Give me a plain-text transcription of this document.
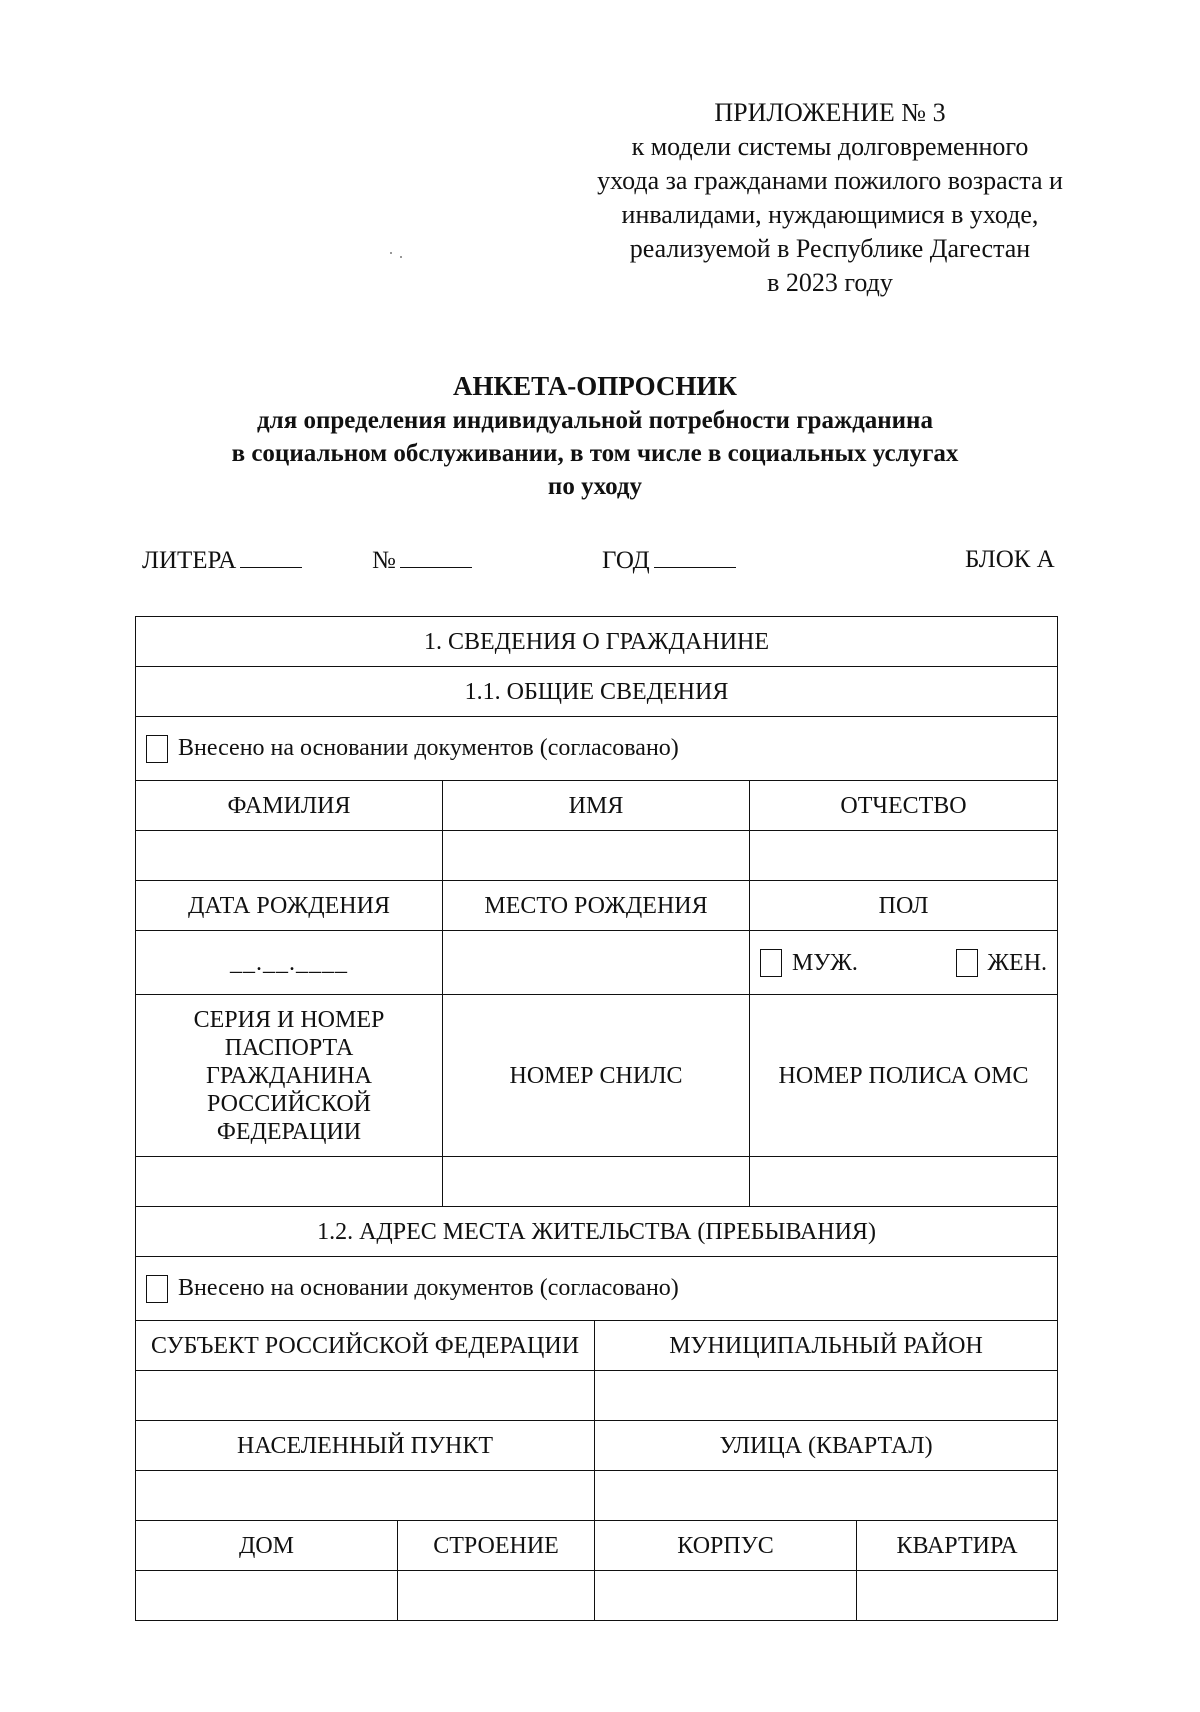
ПРИЛОЖЕНИЕ № 3
к модели системы долговременного
ухода за гражданами пожилого возраста и
инвалидами, нуждающимися в уходе,
реализуемой в Республике Дагестан
в 2023 году
АНКЕТА-ОПРОСНИК
для определения индивидуальной потребности гражданина
в социальном обслуживании, в том числе в социальных услугах
по уходу
ЛИТЕРА	№	ГОД	БЛОК А
1. СВЕДЕНИЯ О ГРАЖДАНИНЕ					
1.1. ОБЩИЕ СВЕДЕНИЯ					
Внесено на основании документов (согласовано)					
ФАМИЛИЯ		ИМЯ		ОТЧЕСТВО	

ДАТА РОЖДЕНИЯ		МЕСТО РОЖДЕНИЯ		ПОЛ	
__.__.____				МУЖ. ЖЕН.	

СЕРИЯ И НОМЕР ПАСПОРТА ГРАЖДАНИНА РОССИЙСКОЙ ФЕДЕРАЦИИ		НОМЕР СНИЛС		НОМЕР ПОЛИСА ОМС	

1.2. АДРЕС МЕСТА ЖИТЕЛЬСТВА (ПРЕБЫВАНИЯ)					
Внесено на основании документов (согласовано)					
СУБЪЕКТ РОССИЙСКОЙ ФЕДЕРАЦИИ			МУНИЦИПАЛЬНЫЙ РАЙОН		

НАСЕЛЕННЫЙ ПУНКТ			УЛИЦА (КВАРТАЛ)		

ДОМ	СТРОЕНИЕ		КОРПУС		КВАРТИРА
